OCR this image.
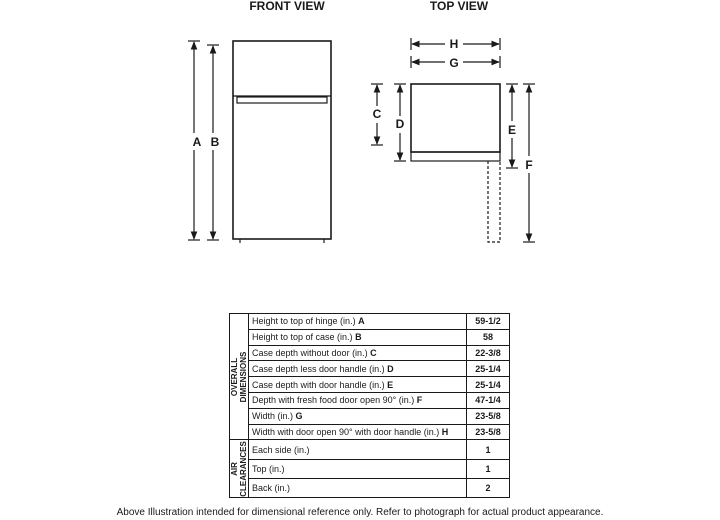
FRONT VIEW	TOP VIEW
A B
H
G
C
D	E
F
OVERALL
DIMENSIONS	Height to top of hinge (in.) A	59-1/2
	Height to top of case (in.) B	58
	Case depth without door (in.) C	22-3/8
	Case depth less door handle (in.) D	25-1/4
	Case depth with door handle (in.) E	25-1/4
	Depth with fresh food door open 90° (in.) F	47-1/4
	Width (in.) G	23-5/8
	Width with door open 90° with door handle (in.) H	23-5/8

AIR
CLEARANCES	Each side (in.)	1
	Top (in.)	1
	Back (in.)	2
Above Illustration intended for dimensional reference only. Refer to photograph for actual product appearance.
